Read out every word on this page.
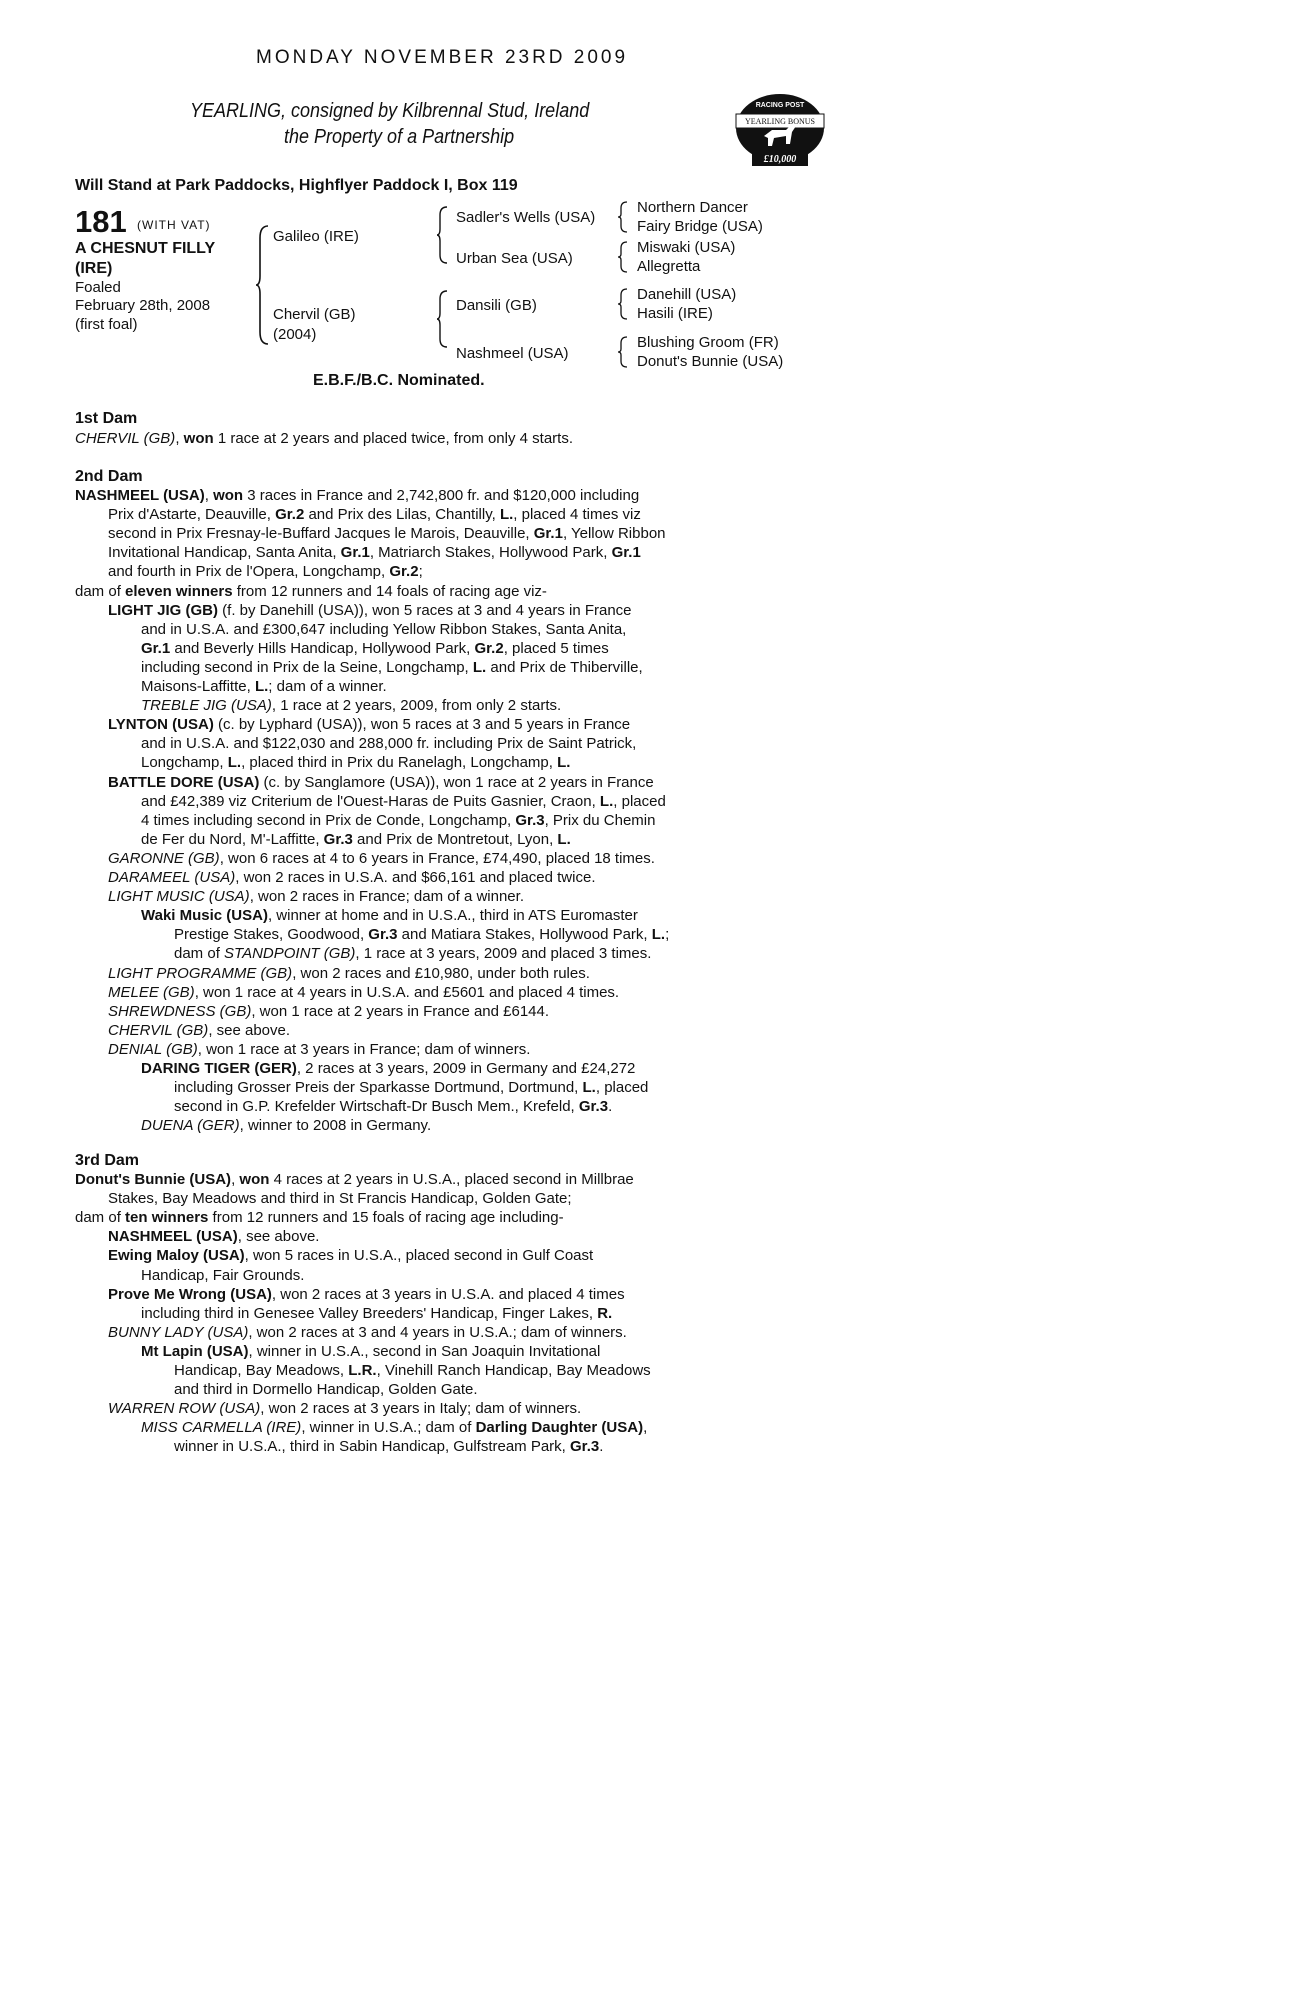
MONDAY NOVEMBER 23RD 2009
YEARLING, consigned by Kilbrennal Stud, Ireland
the Property of a Partnership
RACING POST
YEARLING BONUS
£10,000
Will Stand at Park Paddocks, Highflyer Paddock I, Box 119
181 (WITH VAT)
A CHESNUT FILLY
(IRE)
Foaled
February 28th, 2008
(first foal)
Galileo (IRE)
Chervil (GB)
(2004)
Sadler's Wells (USA)
Urban Sea (USA)
Dansili (GB)
Nashmeel (USA)
Northern Dancer
Fairy Bridge (USA)
Miswaki (USA)
Allegretta
Danehill (USA)
Hasili (IRE)
Blushing Groom (FR)
Donut's Bunnie (USA)
E.B.F./B.C. Nominated.
1st Dam
CHERVIL (GB), won 1 race at 2 years and placed twice, from only 4 starts.
2nd Dam
NASHMEEL (USA), won 3 races in France and 2,742,800 fr. and $120,000 including
Prix d'Astarte, Deauville, Gr.2 and Prix des Lilas, Chantilly, L., placed 4 times viz
second in Prix Fresnay-le-Buffard Jacques le Marois, Deauville, Gr.1, Yellow Ribbon
Invitational Handicap, Santa Anita, Gr.1, Matriarch Stakes, Hollywood Park, Gr.1
and fourth in Prix de l'Opera, Longchamp, Gr.2;
dam of eleven winners from 12 runners and 14 foals of racing age viz-
LIGHT JIG (GB) (f. by Danehill (USA)), won 5 races at 3 and 4 years in France
and in U.S.A. and £300,647 including Yellow Ribbon Stakes, Santa Anita,
Gr.1 and Beverly Hills Handicap, Hollywood Park, Gr.2, placed 5 times
including second in Prix de la Seine, Longchamp, L. and Prix de Thiberville,
Maisons-Laffitte, L.; dam of a winner.
TREBLE JIG (USA), 1 race at 2 years, 2009, from only 2 starts.
LYNTON (USA) (c. by Lyphard (USA)), won 5 races at 3 and 5 years in France
and in U.S.A. and $122,030 and 288,000 fr. including Prix de Saint Patrick,
Longchamp, L., placed third in Prix du Ranelagh, Longchamp, L.
BATTLE DORE (USA) (c. by Sanglamore (USA)), won 1 race at 2 years in France
and £42,389 viz Criterium de l'Ouest-Haras de Puits Gasnier, Craon, L., placed
4 times including second in Prix de Conde, Longchamp, Gr.3, Prix du Chemin
de Fer du Nord, M'-Laffitte, Gr.3 and Prix de Montretout, Lyon, L.
GARONNE (GB), won 6 races at 4 to 6 years in France, £74,490, placed 18 times.
DARAMEEL (USA), won 2 races in U.S.A. and $66,161 and placed twice.
LIGHT MUSIC (USA), won 2 races in France; dam of a winner.
Waki Music (USA), winner at home and in U.S.A., third in ATS Euromaster
Prestige Stakes, Goodwood, Gr.3 and Matiara Stakes, Hollywood Park, L.;
dam of STANDPOINT (GB), 1 race at 3 years, 2009 and placed 3 times.
LIGHT PROGRAMME (GB), won 2 races and £10,980, under both rules.
MELEE (GB), won 1 race at 4 years in U.S.A. and £5601 and placed 4 times.
SHREWDNESS (GB), won 1 race at 2 years in France and £6144.
CHERVIL (GB), see above.
DENIAL (GB), won 1 race at 3 years in France; dam of winners.
DARING TIGER (GER), 2 races at 3 years, 2009 in Germany and £24,272
including Grosser Preis der Sparkasse Dortmund, Dortmund, L., placed
second in G.P. Krefelder Wirtschaft-Dr Busch Mem., Krefeld, Gr.3.
DUENA (GER), winner to 2008 in Germany.
3rd Dam
Donut's Bunnie (USA), won 4 races at 2 years in U.S.A., placed second in Millbrae
Stakes, Bay Meadows and third in St Francis Handicap, Golden Gate;
dam of ten winners from 12 runners and 15 foals of racing age including-
NASHMEEL (USA), see above.
Ewing Maloy (USA), won 5 races in U.S.A., placed second in Gulf Coast
Handicap, Fair Grounds.
Prove Me Wrong (USA), won 2 races at 3 years in U.S.A. and placed 4 times
including third in Genesee Valley Breeders' Handicap, Finger Lakes, R.
BUNNY LADY (USA), won 2 races at 3 and 4 years in U.S.A.; dam of winners.
Mt Lapin (USA), winner in U.S.A., second in San Joaquin Invitational
Handicap, Bay Meadows, L.R., Vinehill Ranch Handicap, Bay Meadows
and third in Dormello Handicap, Golden Gate.
WARREN ROW (USA), won 2 races at 3 years in Italy; dam of winners.
MISS CARMELLA (IRE), winner in U.S.A.; dam of Darling Daughter (USA),
winner in U.S.A., third in Sabin Handicap, Gulfstream Park, Gr.3.
